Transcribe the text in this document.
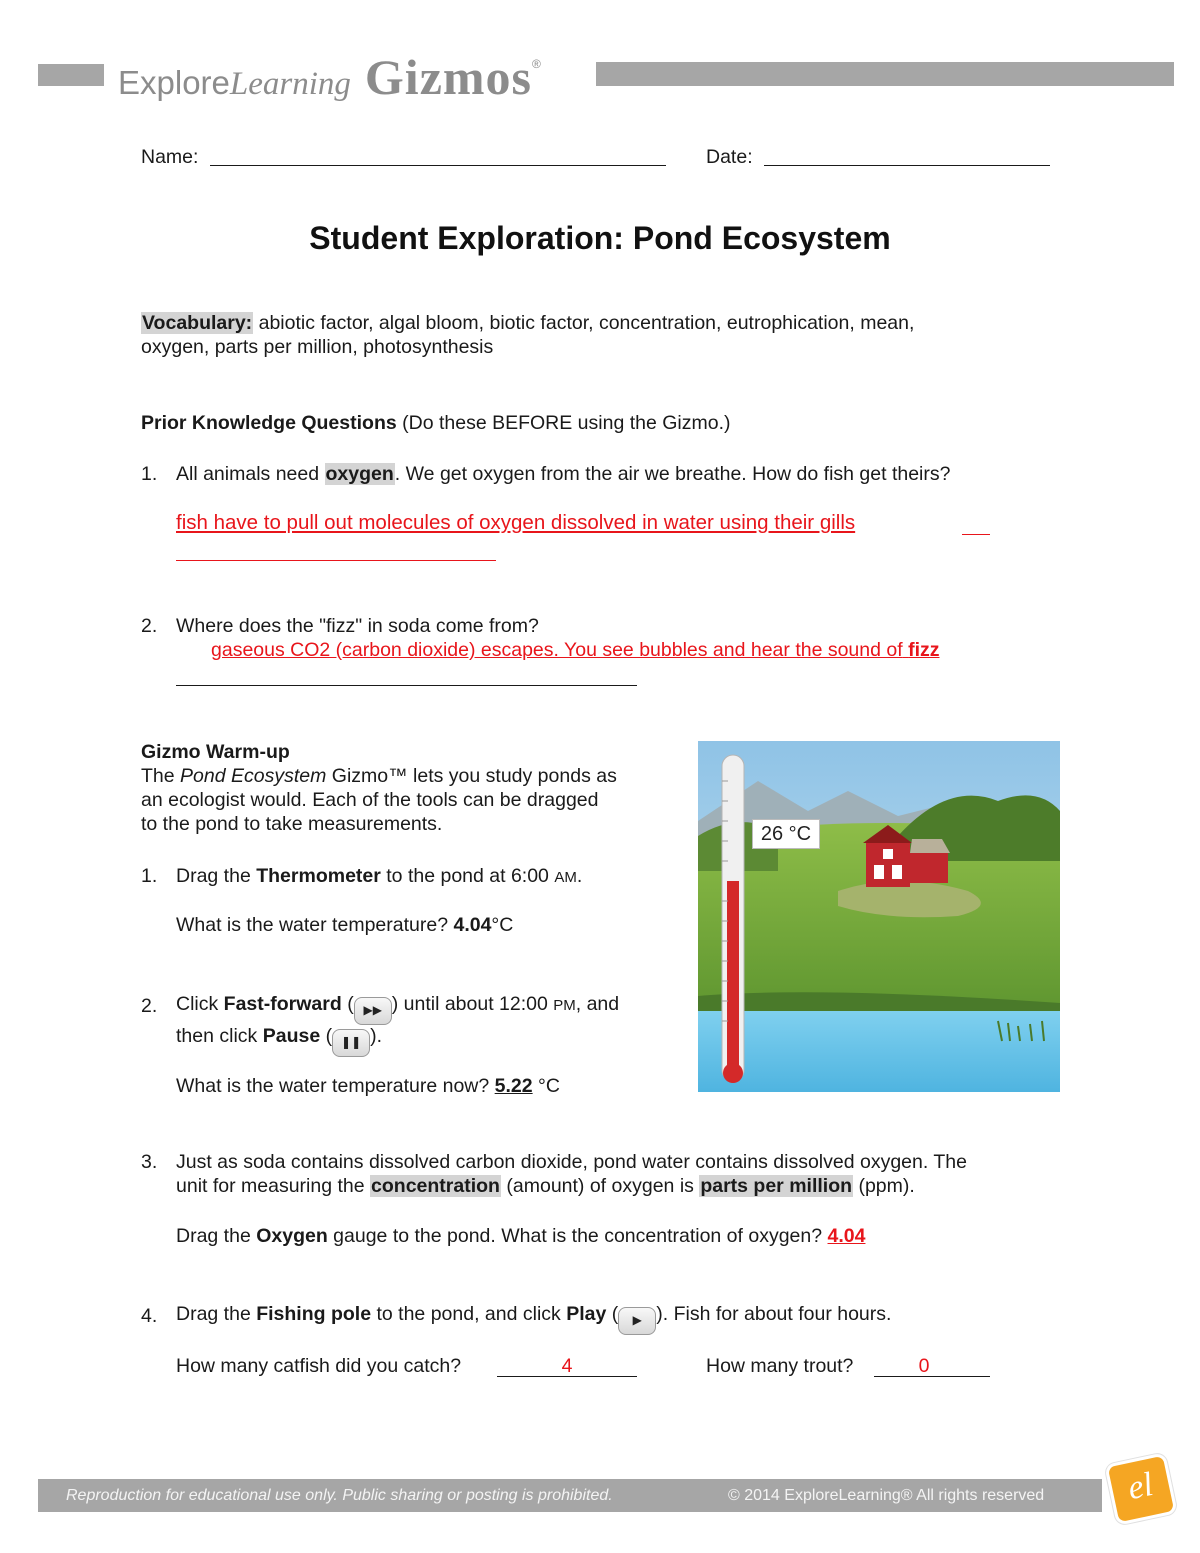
Explore Learning Gizmos ®
Name:	Date:
Student Exploration: Pond Ecosystem
Vocabulary: abiotic factor, algal bloom, biotic factor, concentration, eutrophication, mean,
oxygen, parts per million, photosynthesis
Prior Knowledge Questions (Do these BEFORE using the Gizmo.)
1. All animals need oxygen. We get oxygen from the air we breathe. How do fish get theirs?
fish have to pull out molecules of oxygen dissolved in water using their gills
2. Where does the "fizz" in soda come from?
gaseous CO2 (carbon dioxide) escapes. You see bubbles and hear the sound of fizz
Gizmo Warm-up
The Pond Ecosystem Gizmo™ lets you study ponds as
an ecologist would. Each of the tools can be dragged
to the pond to take measurements.
1. Drag the Thermometer to the pond at 6:00 AM.
What is the water temperature? 4.04°C
2. Click Fast-forward ( ▶▶ ) until about 12:00 PM, and
then click Pause ( ❚❚ ).
What is the water temperature now? 5.22 °C
26 °C
3. Just as soda contains dissolved carbon dioxide, pond water contains dissolved oxygen. The
unit for measuring the concentration (amount) of oxygen is parts per million (ppm).
Drag the Oxygen gauge to the pond. What is the concentration of oxygen? 4.04
4. Drag the Fishing pole to the pond, and click Play ( ▶ ). Fish for about four hours.
How many catfish did you catch?	4	How many trout?	0
Reproduction for educational use only. Public sharing or posting is prohibited.	© 2014 ExploreLearning® All rights reserved	el
